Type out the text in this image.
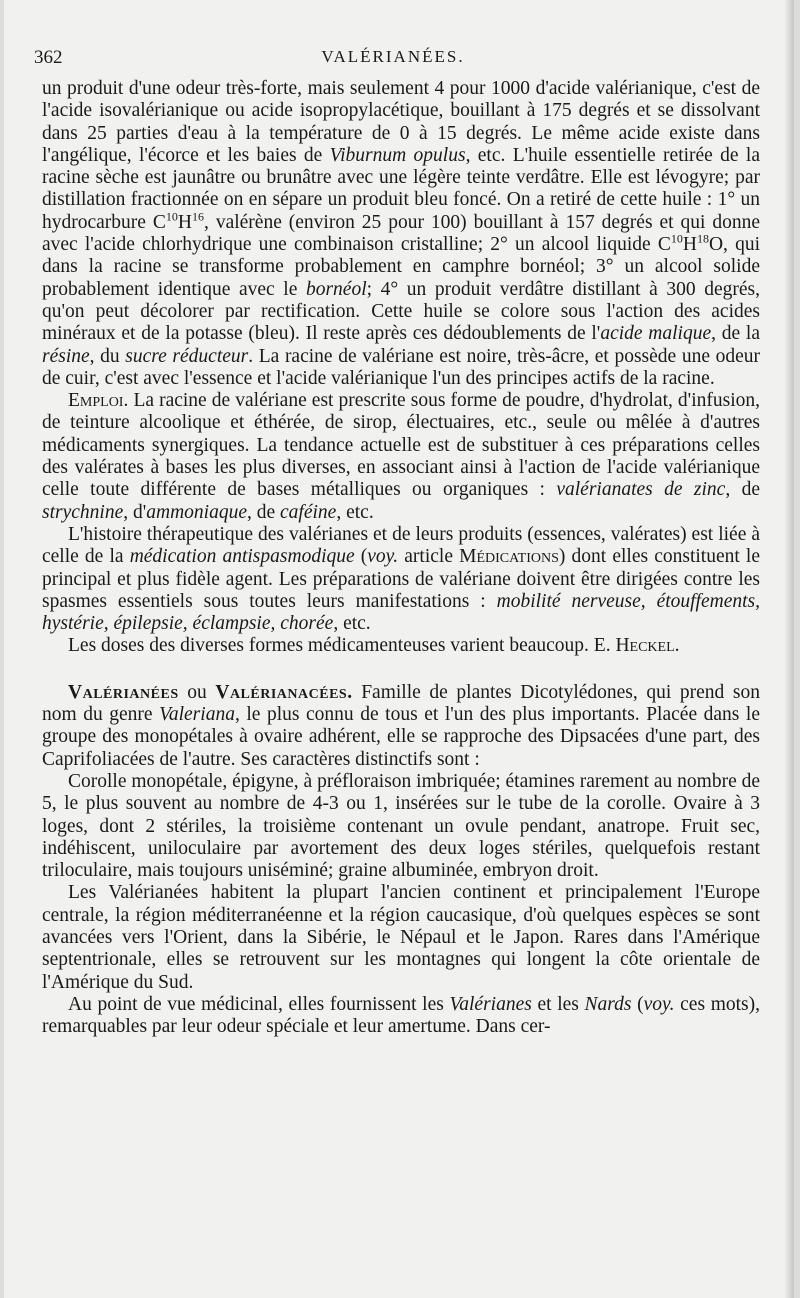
362	VALÉRIANÉES.

un produit d'une odeur très-forte, mais seulement 4 pour 1000 d'acide valérianique, c'est de l'acide isovalérianique ou acide isopropylacétique, bouillant à 175 degrés et se dissolvant dans 25 parties d'eau à la température de 0 à 15 degrés. Le même acide existe dans l'angélique, l'écorce et les baies de Viburnum opulus, etc. L'huile essentielle retirée de la racine sèche est jaunâtre ou brunâtre avec une légère teinte verdâtre. Elle est lévogyre; par distillation fractionnée on en sépare un produit bleu foncé. On a retiré de cette huile : 1° un hydrocarbure $C^{10}H^{16}$, valérène (environ 25 pour 100) bouillant à 157 degrés et qui donne avec l'acide chlorhydrique une combinaison cristalline; 2° un alcool liquide $C^{10}H^{18}O$, qui dans la racine se transforme probablement en camphre bornéol; 3° un alcool solide probablement identique avec le bornéol; 4° un produit verdâtre distillant à 300 degrés, qu'on peut décolorer par rectification. Cette huile se colore sous l'action des acides minéraux et de la potasse (bleu). Il reste après ces dédoublements de l'acide malique, de la résine, du sucre réducteur. La racine de valériane est noire, très-âcre, et possède une odeur de cuir, c'est avec l'essence et l'acide valérianique l'un des principes actifs de la racine.

Emploi. La racine de valériane est prescrite sous forme de poudre, d'hydrolat, d'infusion, de teinture alcoolique et éthérée, de sirop, électuaires, etc., seule ou mêlée à d'autres médicaments synergiques. La tendance actuelle est de substituer à ces préparations celles des valérates à bases les plus diverses, en associant ainsi à l'action de l'acide valérianique celle toute différente de bases métalliques ou organiques : valérianates de zinc, de strychnine, d'ammoniaque, de caféine, etc.

L'histoire thérapeutique des valérianes et de leurs produits (essences, valérates) est liée à celle de la médication antispasmodique (voy. article Médications) dont elles constituent le principal et plus fidèle agent. Les préparations de valériane doivent être dirigées contre les spasmes essentiels sous toutes leurs manifestations : mobilité nerveuse, étouffements, hystérie, épilepsie, éclampsie, chorée, etc.

Les doses des diverses formes médicamenteuses varient beaucoup. E. Heckel.

Valérianées ou Valérianacées. Famille de plantes Dicotylédones, qui prend son nom du genre Valeriana, le plus connu de tous et l'un des plus importants. Placée dans le groupe des monopétales à ovaire adhérent, elle se rapproche des Dipsacées d'une part, des Caprifoliacées de l'autre. Ses caractères distinctifs sont :

Corolle monopétale, épigyne, à préfloraison imbriquée; étamines rarement au nombre de 5, le plus souvent au nombre de 4-3 ou 1, insérées sur le tube de la corolle. Ovaire à 3 loges, dont 2 stériles, la troisième contenant un ovule pendant, anatrope. Fruit sec, indéhiscent, uniloculaire par avortement des deux loges stériles, quelquefois restant triloculaire, mais toujours uniséminé; graine albuminée, embryon droit.

Les Valérianées habitent la plupart l'ancien continent et principalement l'Europe centrale, la région méditerranéenne et la région caucasique, d'où quelques espèces se sont avancées vers l'Orient, dans la Sibérie, le Népaul et le Japon. Rares dans l'Amérique septentrionale, elles se retrouvent sur les montagnes qui longent la côte orientale de l'Amérique du Sud.

Au point de vue médicinal, elles fournissent les Valérianes et les Nards (voy. ces mots), remarquables par leur odeur spéciale et leur amertume. Dans cer-
